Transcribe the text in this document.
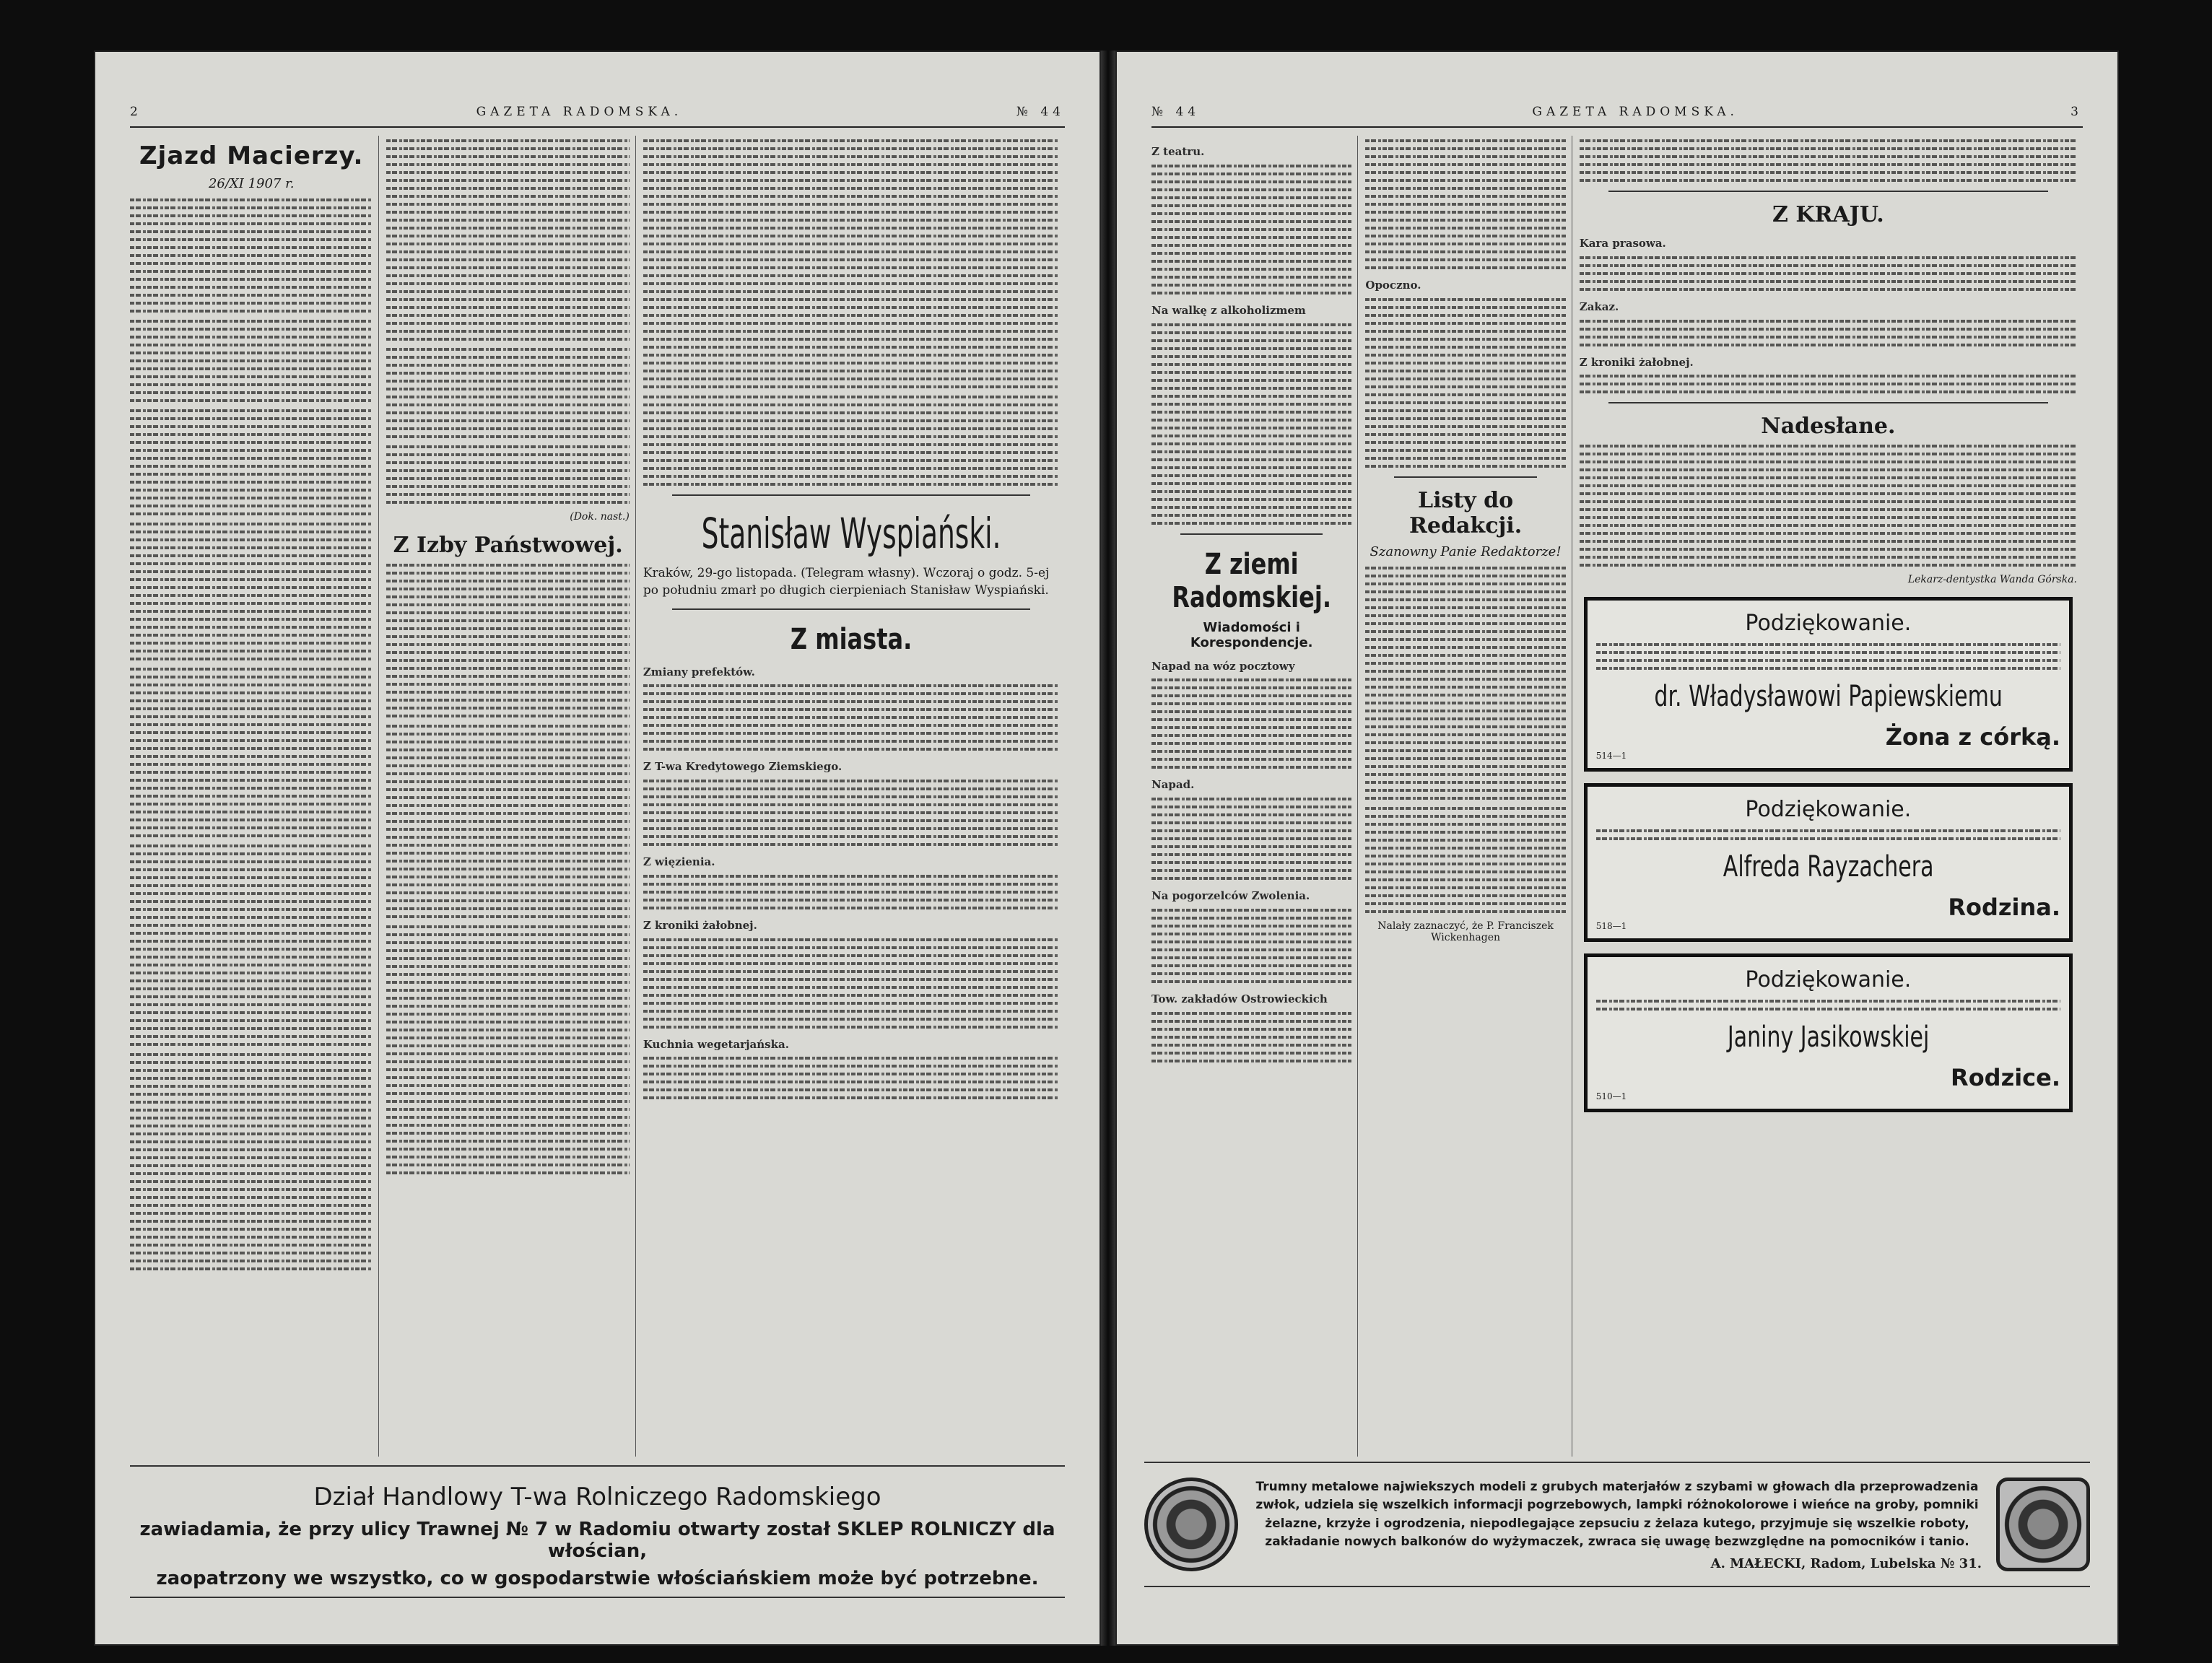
2	GAZETA RADOMSKA.	№ 44
Zjazd Macierzy.
26/XI 1907 r.
(Dok. nast.)
Z Izby Państwowej. Stanisław Wyspiański.
Kraków, 29-go listopada. (Telegram własny). Wczoraj o godz. 5-ej po południu zmarł po długich cierpieniach Stanisław Wyspiański.
Z miasta.
Zmiany prefektów.
Z T-wa Kredytowego Ziemskiego.
Z więzienia.
Z kroniki żałobnej.
Kuchnia wegetarjańska.
Dział Handlowy T-wa Rolniczego Radomskiego
zawiadamia, że przy ulicy Trawnej № 7 w Radomiu otwarty został SKLEP ROLNICZY dla włościan,
zaopatrzony we wszystko, co w gospodarstwie włościańskiem może być potrzebne.
№ 44	GAZETA RADOMSKA.	3
Z teatru.
Na walkę z alkoholizmem
Z ziemi Radomskiej.
Wiadomości i Korespondencje.
Napad na wóz pocztowy
Napad.
Na pogorzelców Zwolenia.
Tow. zakładów Ostrowieckich
Opoczno.
Listy do Redakcji.
Szanowny Panie Redaktorze!
Nalały zaznaczyć, że P. Franciszek Wickenhagen
Z KRAJU.
Kara prasowa.
Zakaz.
Z kroniki żałobnej.
Nadesłane.
Lekarz-dentystka Wanda Górska.
Podziękowanie.
dr. Władysławowi Papiewskiemu
Żona z córką.
514—1
Podziękowanie.
Alfreda Rayzachera
Rodzina.
518—1
Podziękowanie.
Janiny Jasikowskiej
Rodzice.
510—1
Trumny metalowe najwiekszych modeli z grubych materjałów z szybami w głowach dla przeprowadzenia zwłok, udziela się wszelkich informacji pogrzebowych, lampki różnokolorowe i wieńce na groby, pomniki żelazne, krzyże i ogrodzenia, niepodlegające zepsuciu z żelaza kutego, przyjmuje się wszelkie roboty, zakładanie nowych balkonów do wyżymaczek, zwraca się uwagę bezwzględne na pomocników i tanio.
A. MAŁECKI, Radom, Lubelska № 31.
